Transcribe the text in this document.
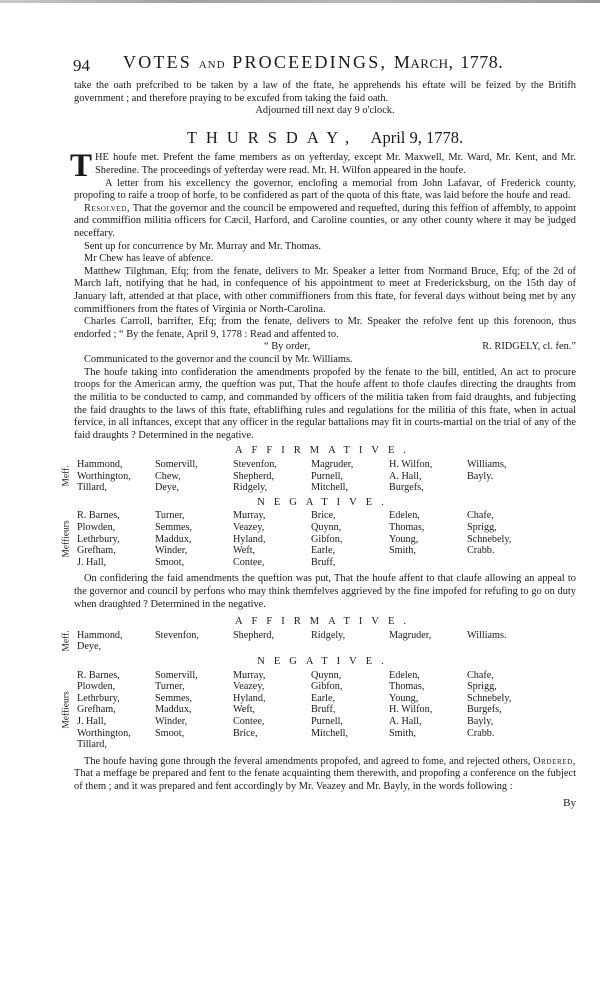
94 VOTES AND PROCEEDINGS, March, 1778.

take the oath prefcribed to be taken by a law of the ftate, he apprehends his eftate will be feized by the Britifh government ; and therefore praying to be excufed from taking the faid oath.

Adjourned till next day 9 o'clock.

THURSDAY, April 9, 1778.

THE houfe met. Prefent the fame members as on yefterday, except Mr. Maxwell, Mr. Ward, Mr. Kent, and Mr. Sheredine. The proceedings of yefterday were read. Mr. H. Wilfon appeared in the houfe.

A letter from his excellency the governor, enclofing a memorial from John Lafavar, of Frederick county, propofing to raife a troop of horfe, to be confidered as part of the quota of this ftate, was laid before the houfe and read.

Resolved, That the governor and the council be empowered and requefted, during this feffion of affembly, to appoint and commiffion militia officers for Cæcil, Harford, and Caroline counties, or any other county where it may be judged neceffary.

Sent up for concurrence by Mr. Murray and Mr. Thomas.

Mr Chew has leave of abfence.

Matthew Tilghman, Efq; from the fenate, delivers to Mr. Speaker a letter from Normand Bruce, Efq; of the 2d of March laft, notifying that he had, in confequence of his appointment to meet at Fredericksburg, on the 15th day of January laft, attended at that place, with other commiffioners from this ftate, for feveral days without being met by any commiffioners from the ftates of Virginia or North-Carolina.

Charles Carroll, barrifter, Efq; from the fenate, delivers to Mr. Speaker the refolve fent up this forenoon, thus endorfed ; “ By the fenate, April 9, 1778 : Read and affented to.

“ By order,	R. RIDGELY, cl. fen.”

Communicated to the governor and the council by Mr. Williams.

The houfe taking into confideration the amendments propofed by the fenate to the bill, entitled, An act to procure troops for the American army, the queftion was put, That the houfe affent to thofe claufes directing the draughts from the militia to be conducted to camp, and commanded by officers of the militia taken from faid draughts, and fubjecting the faid draughts to the laws of this ftate, eftablifhing rules and regulations for the militia of this ftate, when in actual fervice, in all inftances, except that any officer in the regular battalions may fit in courts-martial on the trial of any of the faid draughts ? Determined in the negative.

AFFIRMATIVE.
Meff.
Hammond,	Somervill,	Stevenfon,	Magruder,	H. Wilfon,	Williams,
Worthington,	Chew,	Shepherd,	Purnell,	A. Hall,	Bayly.
Tillard,	Deye,	Ridgely,	Mitchell,	Burgefs,
NEGATIVE.
Meffieurs
R. Barnes,	Turner,	Murray,	Brice,	Edelen,	Chafe,
Plowden,	Semmes,	Veazey,	Quynn,	Thomas,	Sprigg,
Lethrbury,	Maddux,	Hyland,	Gibfon,	Young,	Schnebely,
Grefham,	Winder,	Weft,	Earle,	Smith,	Crabb.
J. Hall,	Smoot,	Contee,	Bruff,

On confidering the faid amendments the queftion was put, That the houfe affent to that claufe allowing an appeal to the governor and council by perfons who may think themfelves aggrieved by the fine impofed for refufing to go on duty when draughted ? Determined in the negative.

AFFIRMATIVE.
Meff. Hammond,	Stevenfon,	Shepherd,	Ridgely,	Magruder,	Williams.
Deye,
NEGATIVE.
Meffieurs
R. Barnes,	Somervill,	Murray,	Quynn,	Edelen,	Chafe,
Plowden,	Turner,	Veazey,	Gibfon,	Thomas,	Sprigg,
Lethrbury,	Semmes,	Hyland,	Earle,	Young,	Schnebely,
Grefham,	Maddux,	Weft,	Bruff,	H. Wilfon,	Burgefs,
J. Hall,	Winder,	Contee,	Purnell,	A. Hall,	Bayly,
Worthington,	Smoot,	Brice,	Mitchell,	Smith,	Crabb.
Tillard,

The houfe having gone through the feveral amendments propofed, and agreed to fome, and rejected others, Ordered, That a meffage be prepared and fent to the fenate acquainting them therewith, and propofing a conference on the fubject of them ; and it was prepared and fent accordingly by Mr. Veazey and Mr. Bayly, in the words following :

By
